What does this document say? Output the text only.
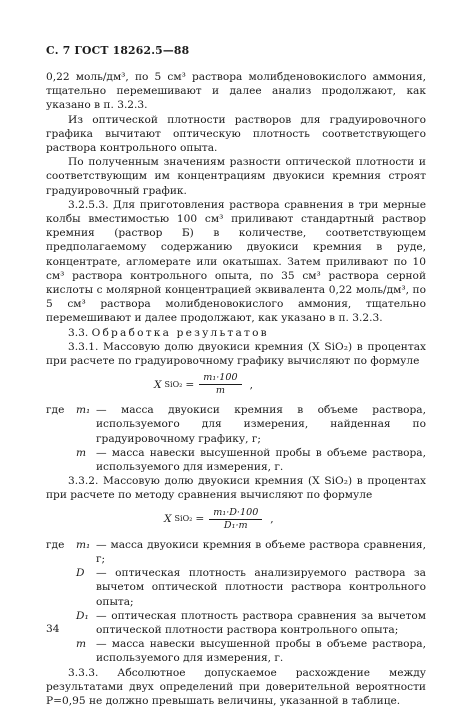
С. 7 ГОСТ 18262.5—88

0,22 моль/дм³, по 5 см³ раствора молибденовокислого аммония, тщательно перемешивают и далее анализ продолжают, как указано в п. 3.2.3.

Из оптической плотности растворов для градуировочного графика вычитают оптическую плотность соответствующего раствора контрольного опыта.

По полученным значениям разности оптической плотности и соответствующим им концентрациям двуокиси кремния строят градуировочный график.

3.2.5.3. Для приготовления раствора сравнения в три мерные колбы вместимостью 100 см³ приливают стандартный раствор кремния (раствор Б) в количестве, соответствующем предполагаемому содержанию двуокиси кремния в руде, концентрате, агломерате или окатышах. Затем приливают по 10 см³ раствора контрольного опыта, по 35 см³ раствора серной кислоты с молярной концентрацией эквивалента 0,22 моль/дм³, по 5 см³ раствора молибденовокислого аммония, тщательно перемешивают и далее продолжают, как указано в п. 3.2.3.

3.3. Обработка результатов

3.3.1. Массовую долю двуокиси кремния (X SiO₂) в процентах при расчете по градуировочному графику вычисляют по формуле

X $SiO_2 = \frac{\text{m₁·100}}{m}$ ,
где	m₁ — масса двуокиси кремния в объеме раствора, используемого для измерения, найденная по градуировочному графику, г;
m — масса навески высушенной пробы в объеме раствора, используемого для измерения, г.

3.3.2. Массовую долю двуокиси кремния (X SiO₂) в процентах при расчете по методу сравнения вычисляют по формуле

X $SiO_2 = \frac{\text{m₁·D·100}}{\text{D₁·m}}$ ,
где	m₁ — масса двуокиси кремния в объеме раствора сравнения, г;
D	— оптическая плотность анализируемого раствора за вычетом оптической плотности раствора контрольного опыта;
D₁ — оптическая плотность раствора сравнения за вычетом оптической плотности раствора контрольного опыта;
m — масса навески высушенной пробы в объеме раствора, используемого для измерения, г.

3.3.3. Абсолютное допускаемое расхождение между результатами двух определений при доверительной вероятности P=0,95 не должно превышать величины, указанной в таблице.

34
